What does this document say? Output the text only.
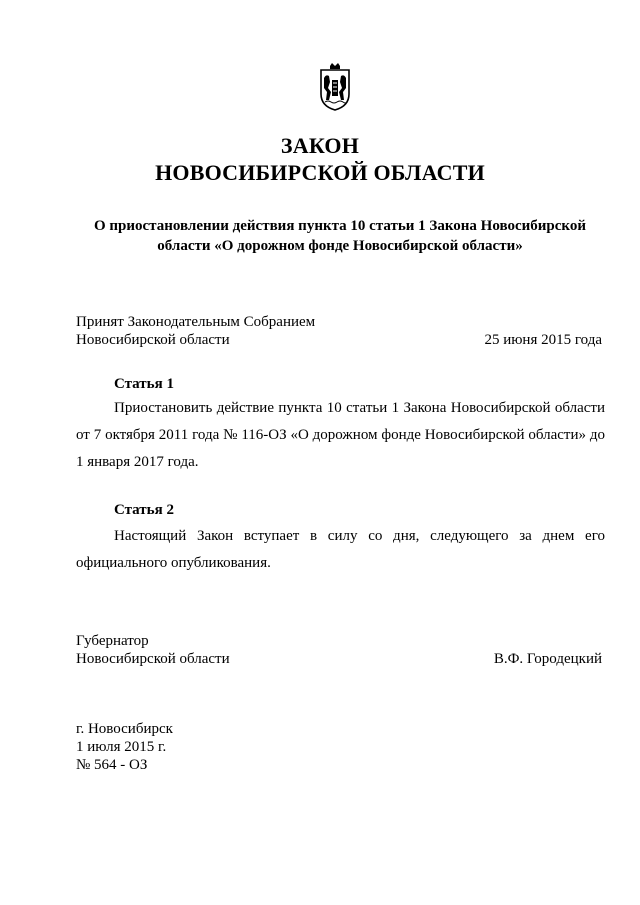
ЗАКОН
НОВОСИБИРСКОЙ ОБЛАСТИ
О приостановлении действия пункта 10 статьи 1 Закона Новосибирской области «О дорожном фонде Новосибирской области»
Принят Законодательным Собранием
Новосибирской области	25 июня 2015 года
Статья 1
Приостановить действие пункта 10 статьи 1 Закона Новосибирской области от 7 октября 2011 года № 116-ОЗ «О дорожном фонде Новосибирской области» до 1 января 2017 года.
Статья 2
Настоящий Закон вступает в силу со дня, следующего за днем его официального опубликования.
Губернатор
Новосибирской области	В.Ф. Городецкий
г. Новосибирск
1 июля 2015 г.
№ 564 - ОЗ
